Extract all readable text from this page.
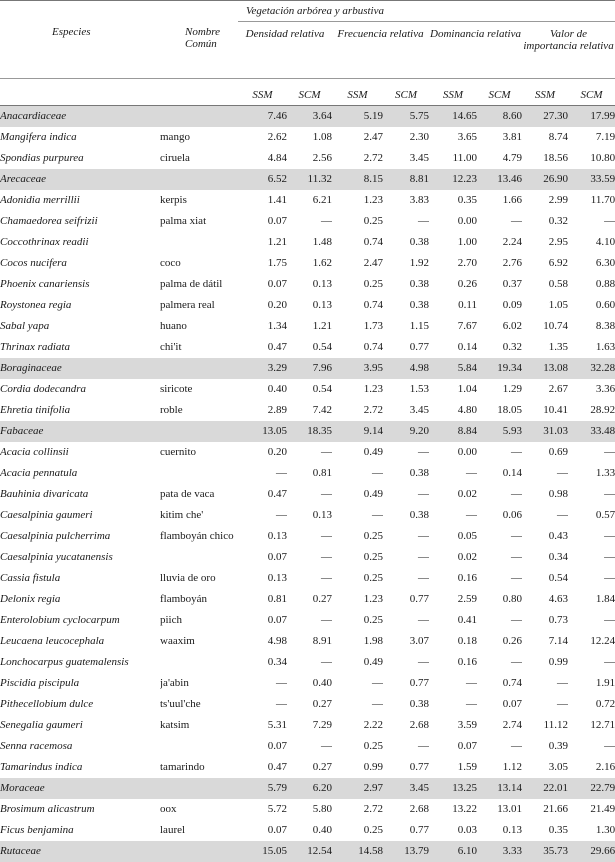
Vegetación arbórea y arbustiva									
Especies	Nombre Común	Densidad relativa		Frecuencia relativa		Dominancia relativa		Valor de importancia relativa	
		SSM	SCM	SSM	SCM	SSM	SCM	SSM	SCM
Anacardiaceae		7.46	3.64	5.19	5.75	14.65	8.60	27.30	17.99
Mangifera indica	mango	2.62	1.08	2.47	2.30	3.65	3.81	8.74	7.19
Spondias purpurea	ciruela	4.84	2.56	2.72	3.45	11.00	4.79	18.56	10.80
Arecaceae		6.52	11.32	8.15	8.81	12.23	13.46	26.90	33.59
Adonidia merrillii	kerpis	1.41	6.21	1.23	3.83	0.35	1.66	2.99	11.70
Chamaedorea seifrizii	palma xiat	0.07	—	0.25	—	0.00	—	0.32	—
Coccothrinax readii		1.21	1.48	0.74	0.38	1.00	2.24	2.95	4.10
Cocos nucifera	coco	1.75	1.62	2.47	1.92	2.70	2.76	6.92	6.30
Phoenix canariensis	palma de dátil	0.07	0.13	0.25	0.38	0.26	0.37	0.58	0.88
Roystonea regia	palmera real	0.20	0.13	0.74	0.38	0.11	0.09	1.05	0.60
Sabal yapa	huano	1.34	1.21	1.73	1.15	7.67	6.02	10.74	8.38
Thrinax radiata	chi'it	0.47	0.54	0.74	0.77	0.14	0.32	1.35	1.63
Boraginaceae		3.29	7.96	3.95	4.98	5.84	19.34	13.08	32.28
Cordia dodecandra	siricote	0.40	0.54	1.23	1.53	1.04	1.29	2.67	3.36
Ehretia tinifolia	roble	2.89	7.42	2.72	3.45	4.80	18.05	10.41	28.92
Fabaceae		13.05	18.35	9.14	9.20	8.84	5.93	31.03	33.48
Acacia collinsii	cuernito	0.20	—	0.49	—	0.00	—	0.69	—
Acacia pennatula		—	0.81	—	0.38	—	0.14	—	1.33
Bauhinia divaricata	pata de vaca	0.47	—	0.49	—	0.02	—	0.98	—
Caesalpinia gaumeri	kitim che'	—	0.13	—	0.38	—	0.06	—	0.57
Caesalpinia pulcherrima	flamboyán chico	0.13	—	0.25	—	0.05	—	0.43	—
Caesalpinia yucatanensis		0.07	—	0.25	—	0.02	—	0.34	—
Cassia fistula	lluvia de oro	0.13	—	0.25	—	0.16	—	0.54	—
Delonix regia	flamboyán	0.81	0.27	1.23	0.77	2.59	0.80	4.63	1.84
Enterolobium cyclocarpum	piich	0.07	—	0.25	—	0.41	—	0.73	—
Leucaena leucocephala	waaxim	4.98	8.91	1.98	3.07	0.18	0.26	7.14	12.24
Lonchocarpus guatemalensis		0.34	—	0.49	—	0.16	—	0.99	—
Piscidia piscipula	ja'abin	—	0.40	—	0.77	—	0.74	—	1.91
Pithecellobium dulce	ts'uul'che	—	0.27	—	0.38	—	0.07	—	0.72
Senegalia gaumeri	katsim	5.31	7.29	2.22	2.68	3.59	2.74	11.12	12.71
Senna racemosa		0.07	—	0.25	—	0.07	—	0.39	—
Tamarindus indica	tamarindo	0.47	0.27	0.99	0.77	1.59	1.12	3.05	2.16
Moraceae		5.79	6.20	2.97	3.45	13.25	13.14	22.01	22.79
Brosimum alicastrum	oox	5.72	5.80	2.72	2.68	13.22	13.01	21.66	21.49
Ficus benjamina	laurel	0.07	0.40	0.25	0.77	0.03	0.13	0.35	1.30
Rutaceae		15.05	12.54	14.58	13.79	6.10	3.33	35.73	29.66
